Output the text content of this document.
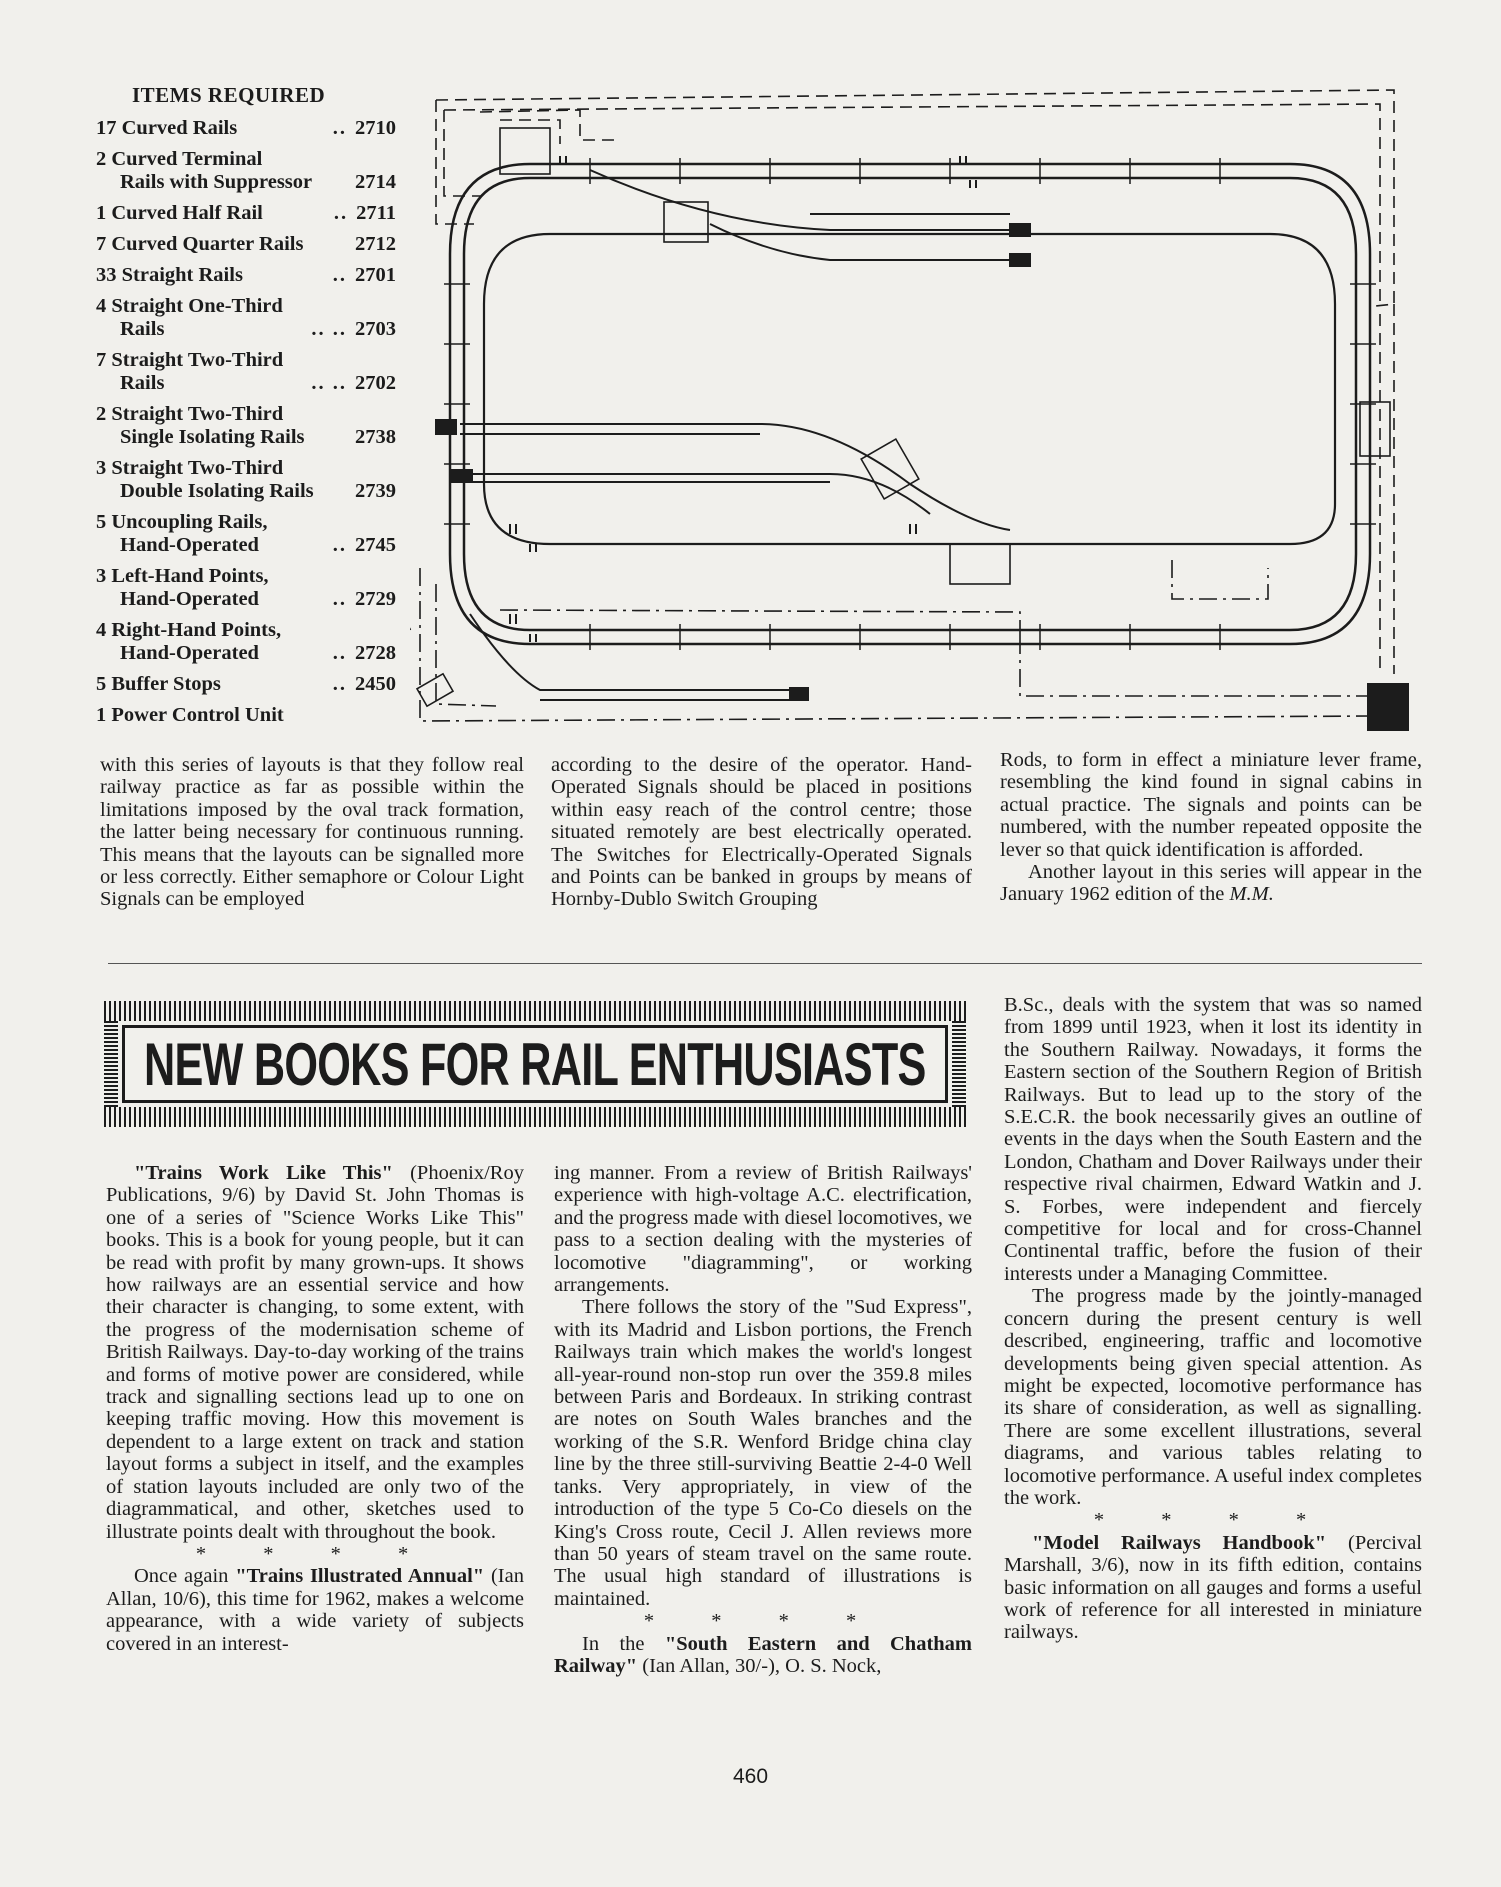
ITEMS REQUIRED
17 Curved Rails	.. 2710
2 Curved Terminal
Rails with Suppressor 2714
1 Curved Half Rail	.. 2711
7 Curved Quarter Rails	2712
33 Straight Rails	.. 2701
4 Straight One-Third
Rails	.. .. 2703
7 Straight Two-Third
Rails	.. .. 2702
2 Straight Two-Third
Single Isolating Rails 2738
3 Straight Two-Third
Double Isolating Rails 2739
5 Uncoupling Rails,
Hand-Operated	.. 2745
3 Left-Hand Points,
Hand-Operated	.. 2729
4 Right-Hand Points,
Hand-Operated	.. 2728
5 Buffer Stops	.. 2450
1 Power Control Unit

with this series of layouts is that they follow real railway practice as far as possible within the limitations imposed by the oval track formation, the latter being necessary for continuous running. This means that the layouts can be signalled more or less correctly. Either semaphore or Colour Light Signals can be employed

according to the desire of the operator. Hand-Operated Signals should be placed in positions within easy reach of the control centre; those situated remotely are best electrically operated. The Switches for Electrically-Operated Signals and Points can be banked in groups by means of Hornby-Dublo Switch Grouping

Rods, to form in effect a miniature lever frame, resembling the kind found in signal cabins in actual practice. The signals and points can be numbered, with the number repeated opposite the lever so that quick identification is afforded.

Another layout in this series will appear in the January 1962 edition of the M.M.

NEW BOOKS FOR RAIL ENTHUSIASTS

"Trains Work Like This" (Phoenix/Roy Publications, 9/6) by David St. John Thomas is one of a series of "Science Works Like This" books. This is a book for young people, but it can be read with profit by many grown-ups. It shows how railways are an essential service and how their character is changing, to some extent, with the progress of the modernisation scheme of British Railways. Day-to-day working of the trains and forms of motive power are considered, while track and signalling sections lead up to one on keeping traffic moving. How this movement is dependent to a large extent on track and station layout forms a subject in itself, and the examples of station layouts included are only two of the diagrammatical, and other, sketches used to illustrate points dealt with throughout the book.

* * * *

Once again "Trains Illustrated Annual" (Ian Allan, 10/6), this time for 1962, makes a welcome appearance, with a wide variety of subjects covered in an interest-

ing manner. From a review of British Railways' experience with high-voltage A.C. electrification, and the progress made with diesel locomotives, we pass to a section dealing with the mysteries of locomotive "diagramming", or working arrangements.

There follows the story of the "Sud Express", with its Madrid and Lisbon portions, the French Railways train which makes the world's longest all-year-round non-stop run over the 359.8 miles between Paris and Bordeaux. In striking contrast are notes on South Wales branches and the working of the S.R. Wenford Bridge china clay line by the three still-surviving Beattie 2-4-0 Well tanks. Very appropriately, in view of the introduction of the type 5 Co-Co diesels on the King's Cross route, Cecil J. Allen reviews more than 50 years of steam travel on the same route. The usual high standard of illustrations is maintained.

* * * *

In the "South Eastern and Chatham Railway" (Ian Allan, 30/-), O. S. Nock,

B.Sc., deals with the system that was so named from 1899 until 1923, when it lost its identity in the Southern Railway. Nowadays, it forms the Eastern section of the Southern Region of British Railways. But to lead up to the story of the S.E.C.R. the book necessarily gives an outline of events in the days when the South Eastern and the London, Chatham and Dover Railways under their respective rival chairmen, Edward Watkin and J. S. Forbes, were independent and fiercely competitive for local and for cross-Channel Continental traffic, before the fusion of their interests under a Managing Committee.

The progress made by the jointly-managed concern during the present century is well described, engineering, traffic and locomotive developments being given special attention. As might be expected, locomotive performance has its share of consideration, as well as signalling. There are some excellent illustrations, several diagrams, and various tables relating to locomotive performance. A useful index completes the work.

* * * *

"Model Railways Handbook" (Percival Marshall, 3/6), now in its fifth edition, contains basic information on all gauges and forms a useful work of reference for all interested in miniature railways.

460
